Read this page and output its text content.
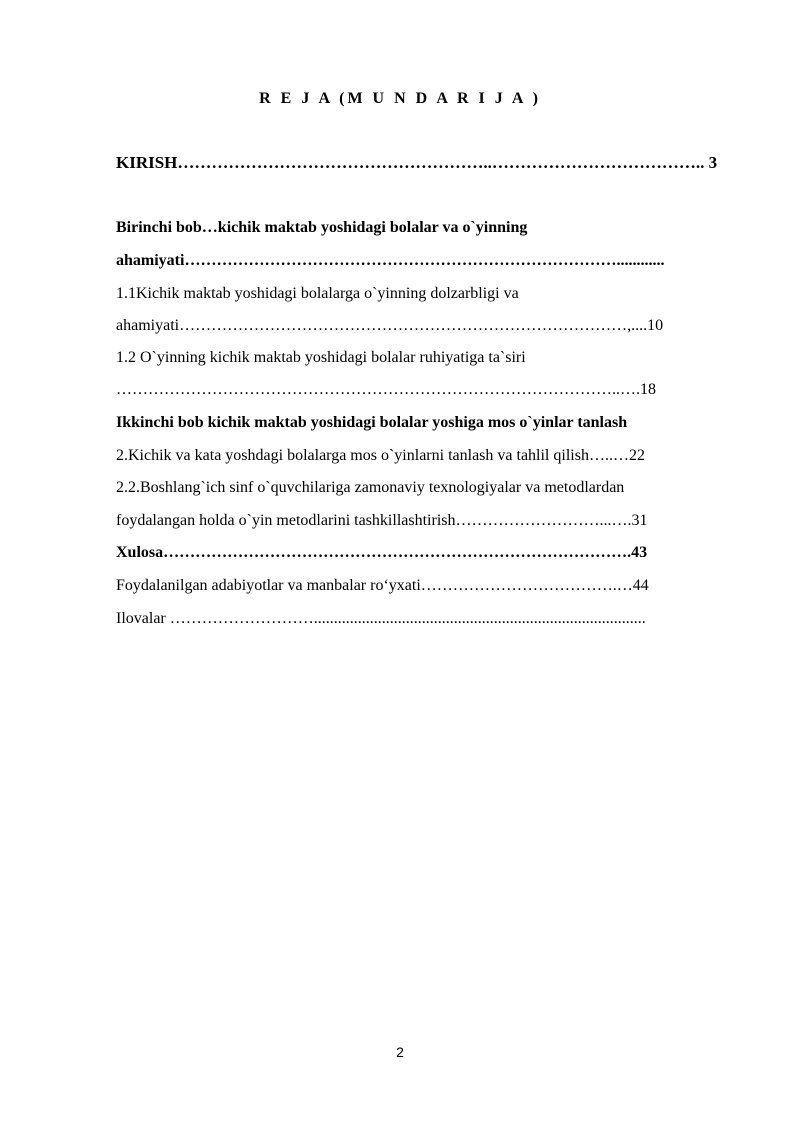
R E J A (M U N D A R I J A )
KIRISH………………………………………………..……………………………….. 3
Birinchi bob…kichik maktab yoshidagi bolalar va o`yinning
ahamiyati………………………………………………………………………............
1.1Kichik maktab yoshidagi bolalarga o`yinning dolzarbligi va
ahamiyati…………………………………………………………………………,....10
1.2 O`yinning kichik maktab yoshidagi bolalar ruhiyatiga ta`siri
…………………………………………………………………………………..….18
Ikkinchi bob kichik maktab yoshidagi bolalar yoshiga mos o`yinlar tanlash
2.Kichik va kata yoshdagi bolalarga mos o`yinlarni tanlash va tahlil qilish…..…22
2.2.Boshlang`ich sinf o`quvchilariga zamonaviy texnologiyalar va metodlardan
foydalangan holda o`yin metodlarini tashkillashtirish………………………...….31
Xulosa…………………………………………………………………………….43
Foydalanilgan adabiyotlar va manbalar ro‘yxati……………………………….…44
Ilovalar ………………………...................................................................................
2
